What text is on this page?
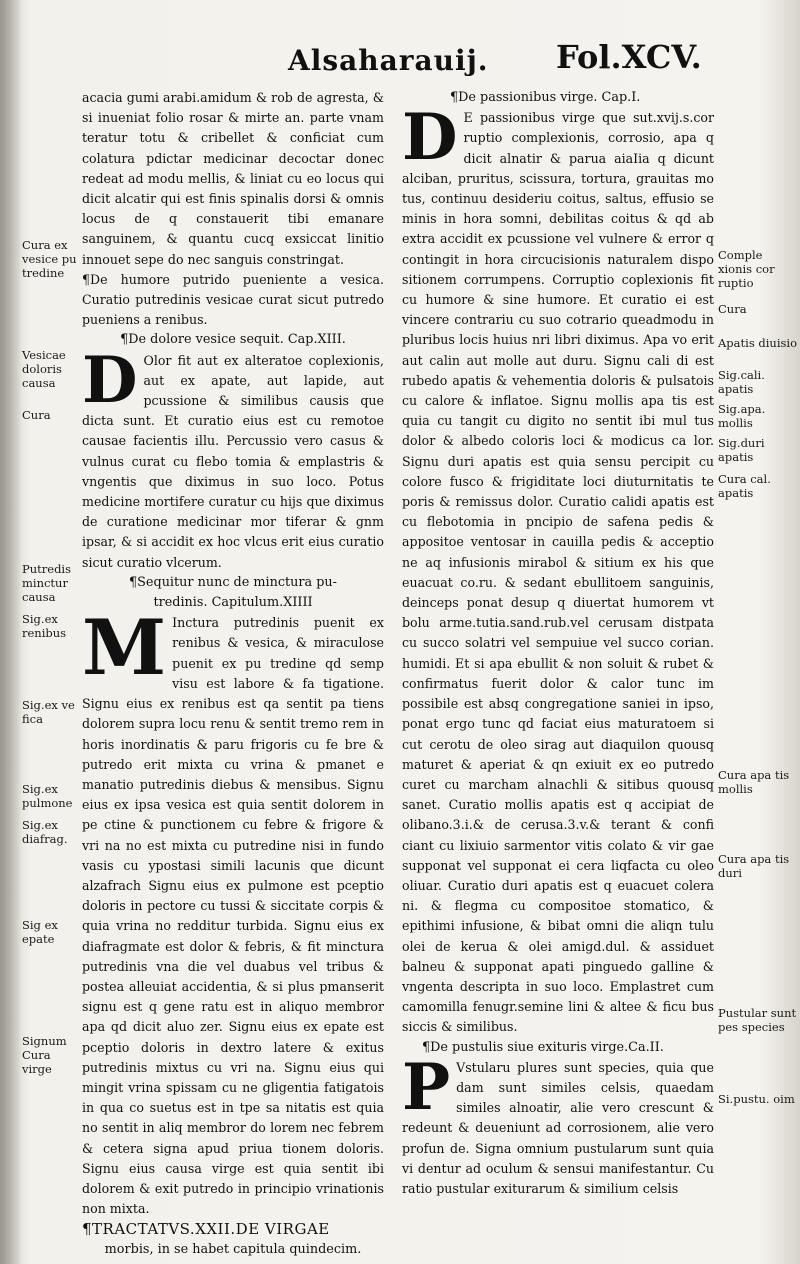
Alsaharauij. Fol.XCV.

acacia gumi arabi.amidum & rob de agresta, & si inueniat folio rosar & mirte an. parte vnam teratur totu & cribellet & conficiat cum colatura pdictar medicinar decoctar donec redeat ad modu mellis, & liniat cu eo locus qui dicit alcatir qui est finis spinalis dorsi & omnis locus de q constauerit tibi emanare sanguinem, & quantu cucq exsiccat linitio innouet sepe do nec sanguis constringat.

¶De humore putrido pueniente a vesica. Curatio putredinis vesicae curat sicut putredo pueniens a renibus.

¶De dolore vesice sequit. Cap.XIII.

D Olor fit aut ex alteratoe coplexionis, aut ex apate, aut lapide, aut pcussione & similibus causis que dicta sunt. Et curatio eius est cu remotoe causae facientis illu. Percussio vero casus & vulnus curat cu flebo tomia & emplastris & vngentis que diximus in suo loco. Potus medicine mortifere curatur cu hijs que diximus de curatione medicinar mor tiferar & gnm ipsar, & si accidit ex hoc vlcus erit eius curatio sicut curatio vlcerum.

¶Sequitur nunc de minctura pu-

tredinis. Capitulum.XIIII

M Inctura putredinis puenit ex renibus & vesica, & miraculose puenit ex pu tredine qd semp visu est labore & fa tigatione. Signu eius ex renibus est qa sentit pa tiens dolorem supra locu renu & sentit tremo rem in horis inordinatis & paru frigoris cu fe bre & putredo erit mixta cu vrina & pmanet e manatio putredinis diebus & mensibus. Signu eius ex ipsa vesica est quia sentit dolorem in pe ctine & punctionem cu febre & frigore & vri na no est mixta cu putredine nisi in fundo vasis cu ypostasi simili lacunis que dicunt alzafrach Signu eius ex pulmone est pceptio doloris in pectore cu tussi & siccitate corpis & quia vrina no redditur turbida. Signu eius ex diafragmate est dolor & febris, & fit minctura putredinis vna die vel duabus vel tribus & postea alleuiat accidentia, & si plus pmanserit signu est q gene ratu est in aliquo membror apa qd dicit aluo zer. Signu eius ex epate est pceptio doloris in dextro latere & exitus putredinis mixtus cu vri na. Signu eius qui mingit vrina spissam cu ne gligentia fatigatois in qua co suetus est in tpe sa nitatis est quia no sentit in aliq membror do lorem nec febrem & cetera signa apud priua tionem doloris. Signu eius causa virge est quia sentit ibi dolorem & exit putredo in principio vrinationis non mixta.

¶TRACTATVS.XXII.DE VIRGAE

morbis, in se habet capitula quindecim.

¶De passionibus virge. Cap.I.

D E passionibus virge que sut.xvij.s.cor ruptio complexionis, corrosio, apa q dicit alnatir & parua aiaIia q dicunt alciban, pruritus, scissura, tortura, grauitas mo tus, continuu desideriu coitus, saltus, effusio se minis in hora somni, debilitas coitus & qd ab extra accidit ex pcussione vel vulnere & error q contingit in hora circucisionis naturalem dispo sitionem corrumpens. Corruptio coplexionis fit cu humore & sine humore. Et curatio ei est vincere contrariu cu suo cotrario queadmodu in pluribus locis huius nri libri diximus. Apa vo erit aut calin aut molle aut duru. Signu cali di est rubedo apatis & vehementia doloris & pulsatois cu calore & inflatoe. Signu mollis apa tis est quia cu tangit cu digito no sentit ibi mul tus dolor & albedo coloris loci & modicus ca lor. Signu duri apatis est quia sensu percipit cu colore fusco & frigiditate loci diuturnitatis te poris & remissus dolor. Curatio calidi apatis est cu flebotomia in pncipio de safena pedis & appositoe ventosar in cauilla pedis & acceptio ne aq infusionis mirabol & sitium ex his que euacuat co.ru. & sedant ebullitoem sanguinis, deinceps ponat desup q diuertat humorem vt bolu arme.tutia.sand.rub.vel cerusam distpata cu succo solatri vel sempuiue vel succo corian. humidi. Et si apa ebullit & non soluit & rubet & confirmatus fuerit dolor & calor tunc im possibile est absq congregatione saniei in ipso, ponat ergo tunc qd faciat eius maturatoem si cut cerotu de oleo sirag aut diaquilon quousq maturet & aperiat & qn exiuit ex eo putredo curet cu marcham alnachli & sitibus quousq sanet. Curatio mollis apatis est q accipiat de olibano.3.i.& de cerusa.3.v.& terant & confi ciant cu lixiuio sarmentor vitis colato & vir gae supponat vel supponat ei cera liqfacta cu oleo oliuar. Curatio duri apatis est q euacuet colera ni. & flegma cu compositoe stomatico, & epithimi infusione, & bibat omni die aliqn tulu olei de kerua & olei amigd.dul. & assiduet balneu & supponat apati pinguedo galline & vngenta descripta in suo loco. Emplastret cum camomilla fenugr.semine lini & altee & ficu bus siccis & similibus.

¶De pustulis siue exituris virge.Ca.II.

P Vstularu plures sunt species, quia que dam sunt similes celsis, quaedam similes alnoatir, alie vero crescunt & redeunt & deueniunt ad corrosionem, alie vero profun de. Signa omnium pustularum sunt quia vi dentur ad oculum & sensui manifestantur. Cu ratio pustular exiturarum & similium celsis

Cura ex vesice pu tredine
Vesicae doloris causa
Cura
Putredis minctur causa
Sig.ex renibus
Sig.ex ve fica
Sig.ex pulmone
Sig.ex diafrag.
Sig ex epate
Signum Cura virge
Comple xionis cor ruptio
Cura
Apatis diuisio
Sig.cali. apatis
Sig.apa. mollis
Sig.duri apatis
Cura cal. apatis
Cura apa tis mollis
Cura apa tis duri
Pustular sunt pes species
Si.pustu. oim
